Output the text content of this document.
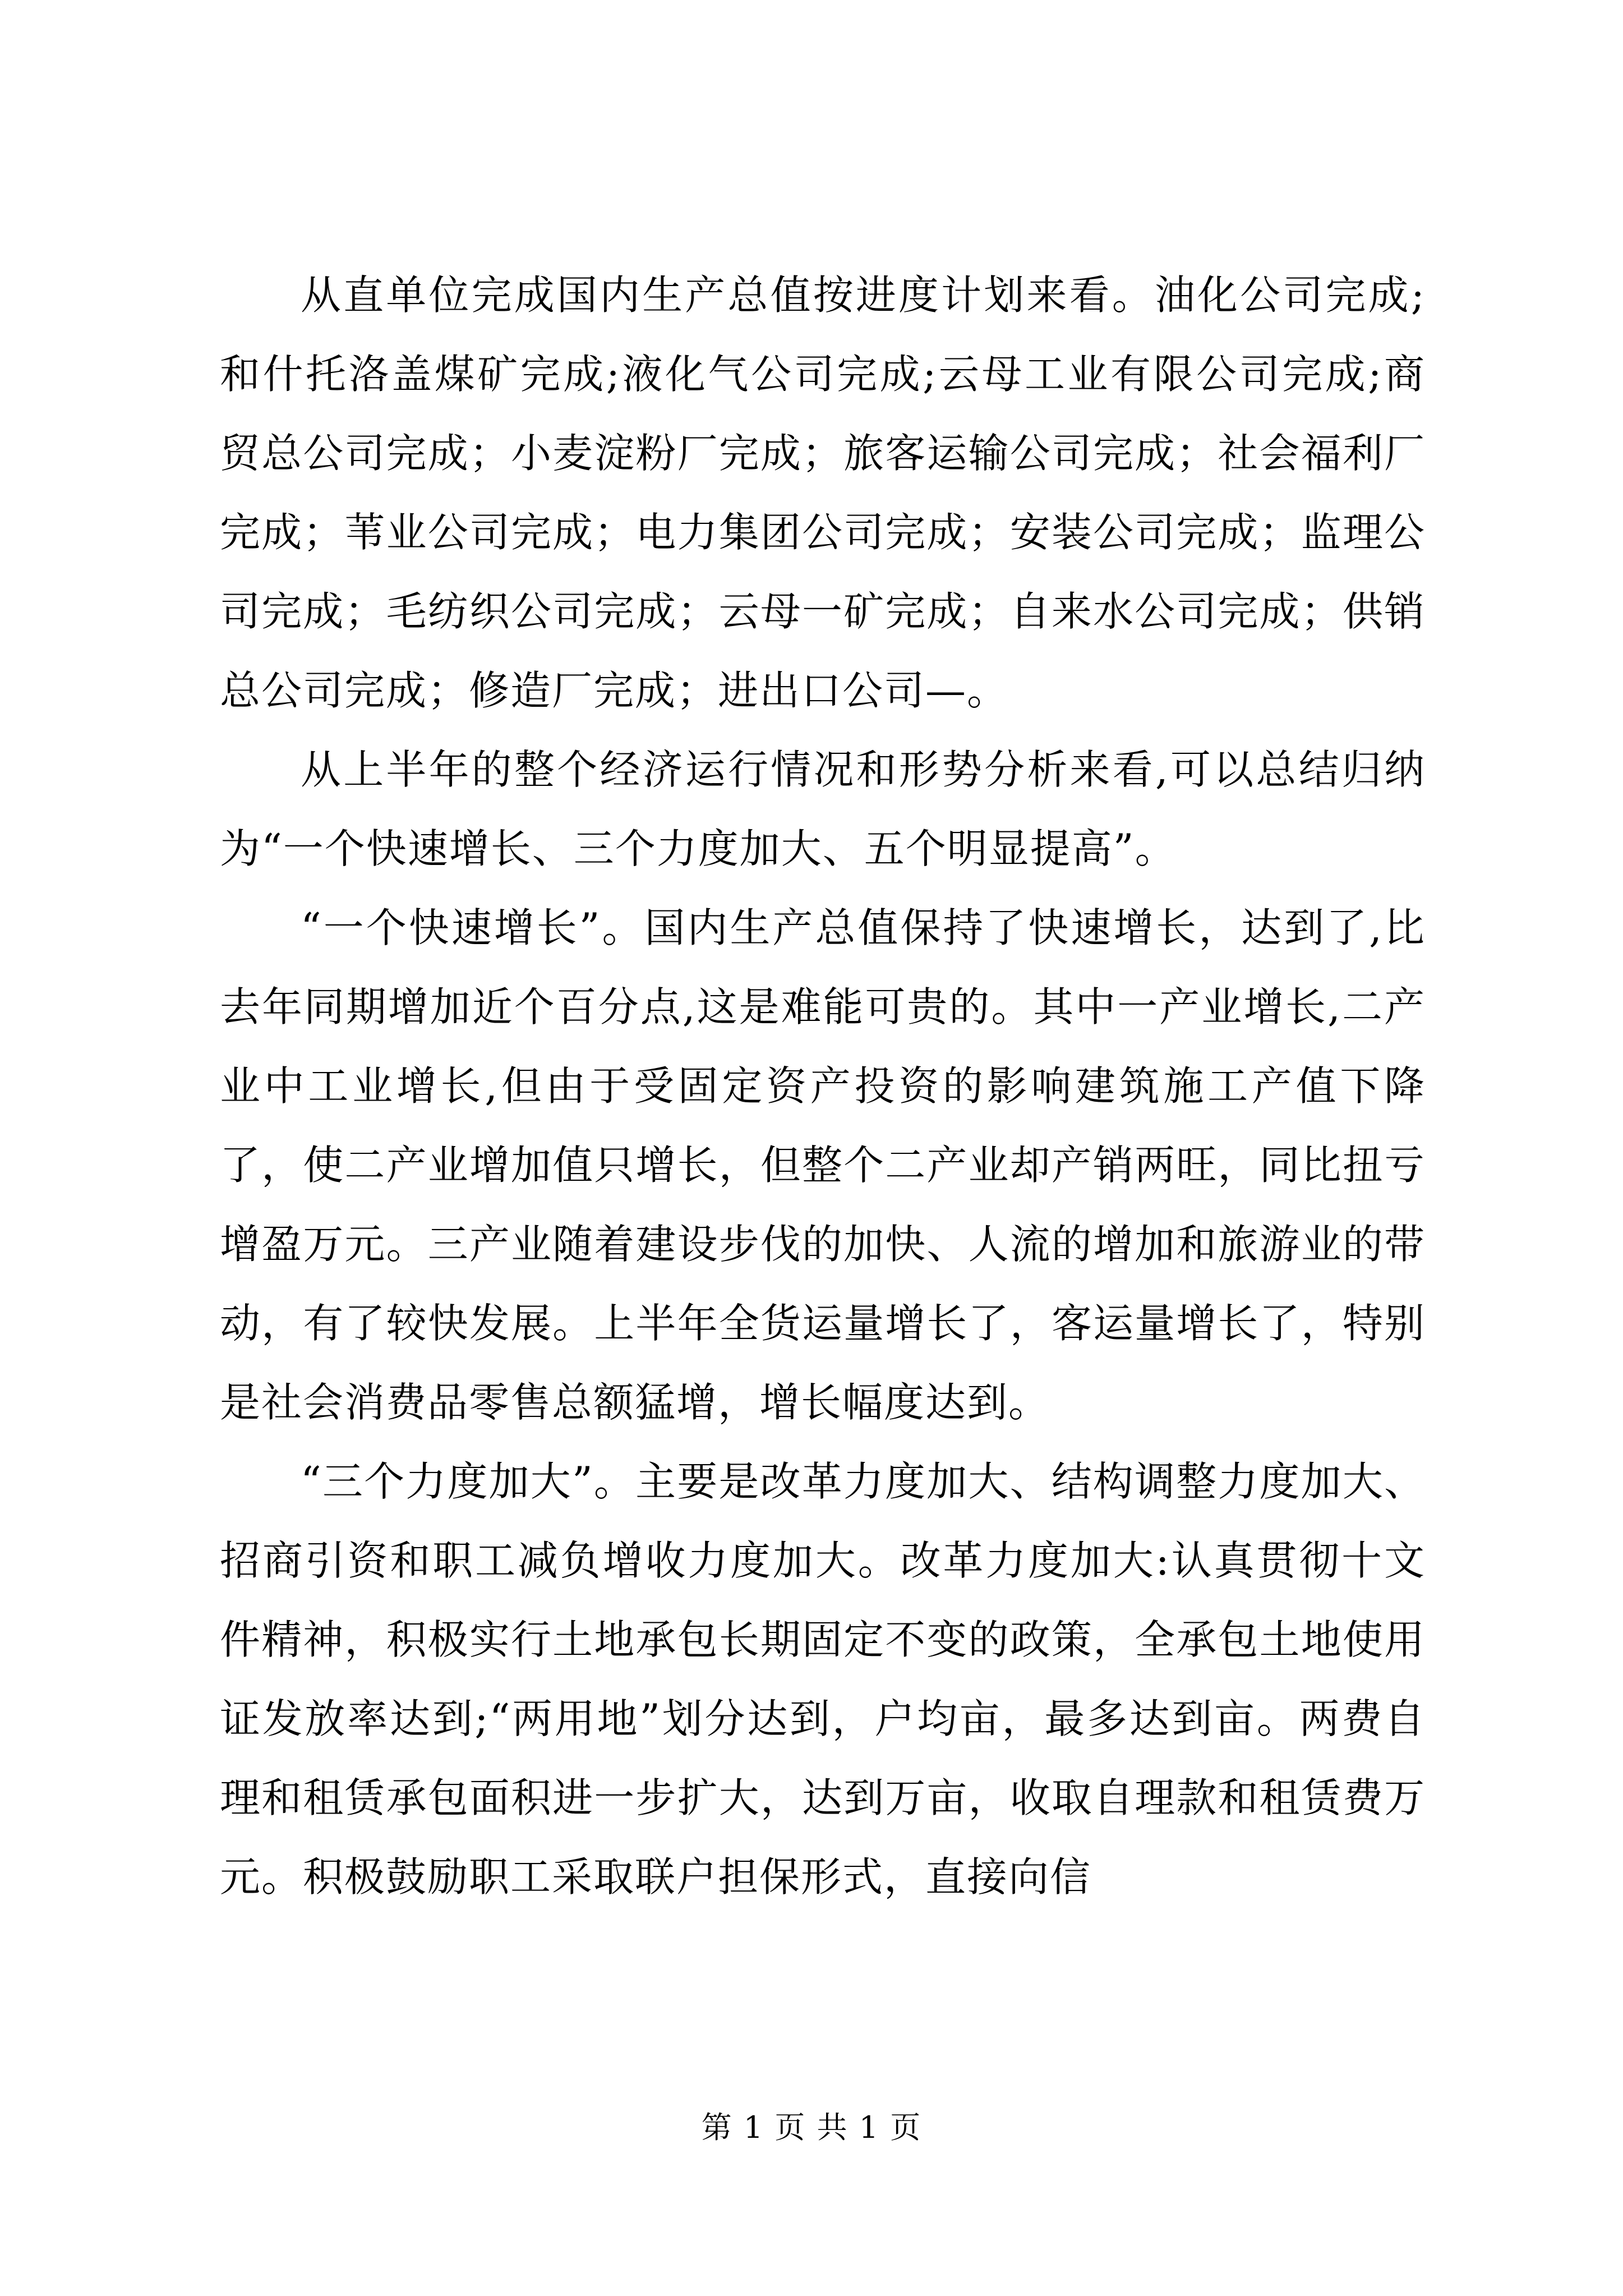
从直单位完成国内生产总值按进度计划来看。油化公司完成;和什托洛盖煤矿完成;液化气公司完成;云母工业有限公司完成;商贸总公司完成；小麦淀粉厂完成；旅客运输公司完成；社会福利厂完成；苇业公司完成；电力集团公司完成；安装公司完成；监理公司完成；毛纺织公司完成；云母一矿完成；自来水公司完成；供销总公司完成；修造厂完成；进出口公司—。

从上半年的整个经济运行情况和形势分析来看,可以总结归纳为“一个快速增长、三个力度加大、五个明显提高”。

“一个快速增长”。国内生产总值保持了快速增长，达到了,比去年同期增加近个百分点,这是难能可贵的。其中一产业增长,二产业中工业增长,但由于受固定资产投资的影响建筑施工产值下降了，使二产业增加值只增长，但整个二产业却产销两旺，同比扭亏增盈万元。三产业随着建设步伐的加快、人流的增加和旅游业的带动，有了较快发展。上半年全货运量增长了，客运量增长了，特别是社会消费品零售总额猛增，增长幅度达到。

“三个力度加大”。主要是改革力度加大、结构调整力度加大、招商引资和职工减负增收力度加大。改革力度加大:认真贯彻十文件精神，积极实行土地承包长期固定不变的政策，全承包土地使用证发放率达到;“两用地”划分达到，户均亩，最多达到亩。两费自理和租赁承包面积进一步扩大，达到万亩，收取自理款和租赁费万元。积极鼓励职工采取联户担保形式，直接向信

第 1 页 共 1 页
